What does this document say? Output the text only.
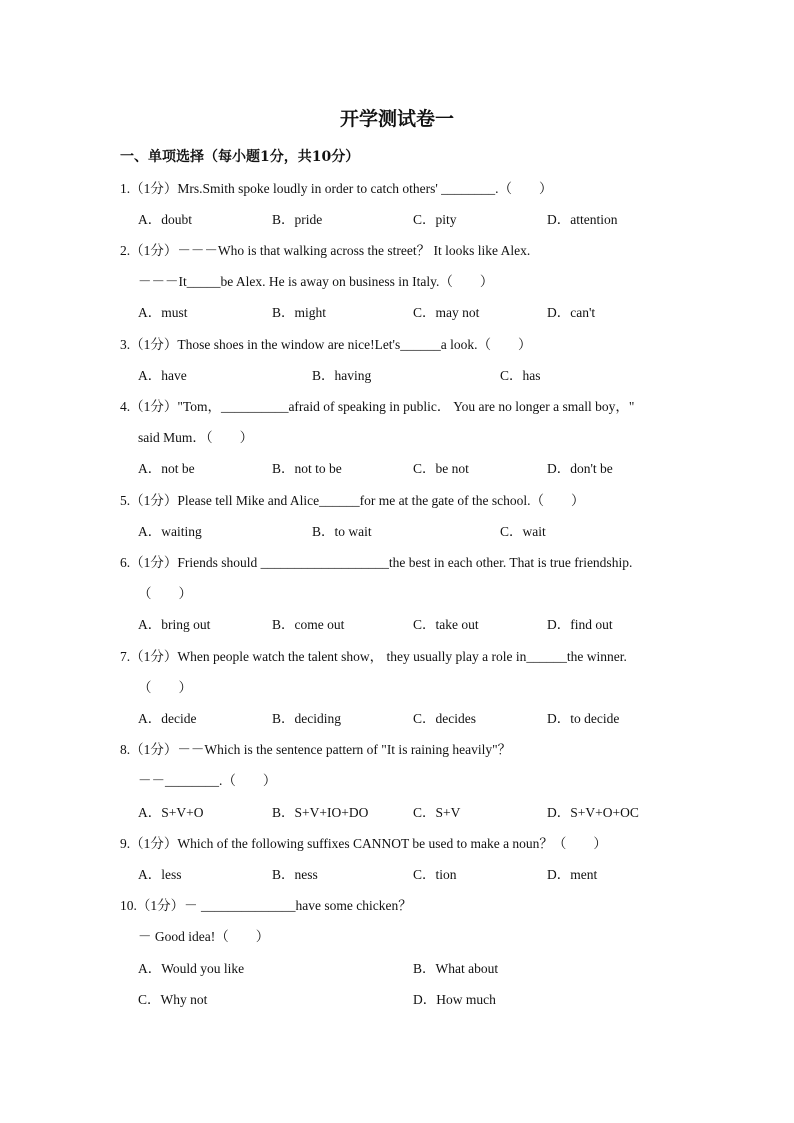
开学测试卷一
一、单项选择（每小题1分，共10分）
1.（1分）Mrs.Smith spoke loudly in order to catch others' ________.（　　）
A．doubt	B．pride	C．pity	D．attention
2.（1分）－－－Who is that walking across the street？ It looks like Alex.
－－－It_____be Alex. He is away on business in Italy.（　　）
A．must	B．might	C．may not	D．can't
3.（1分）Those shoes in the window are nice!Let's______a look.（　　）
A．have	B．having	C．has
4.（1分）"Tom，__________afraid of speaking in public． You are no longer a small boy，"
said Mum．（　　）
A．not be	B．not to be	C．be not	D．don't be
5.（1分）Please tell Mike and Alice______for me at the gate of the school.（　　）
A．waiting	B．to wait	C．wait
6.（1分）Friends should ___________________the best in each other. That is true friendship.
（　　）
A．bring out	B．come out	C．take out	D．find out
7.（1分）When people watch the talent show， they usually play a role in______the winner.
（　　）
A．decide	B．deciding	C．decides	D．to decide
8.（1分）－－Which is the sentence pattern of "It is raining heavily"？
－－________.（　　）
A．S+V+O	B．S+V+IO+DO	C．S+V	D．S+V+O+OC
9.（1分）Which of the following suffixes CANNOT be used to make a noun？（　　）
A．less	B．ness	C．tion	D．ment
10.（1分）－ ______________have some chicken？
－ Good idea!（　　）
A．Would you like	B．What about
C．Why not	D．How much
